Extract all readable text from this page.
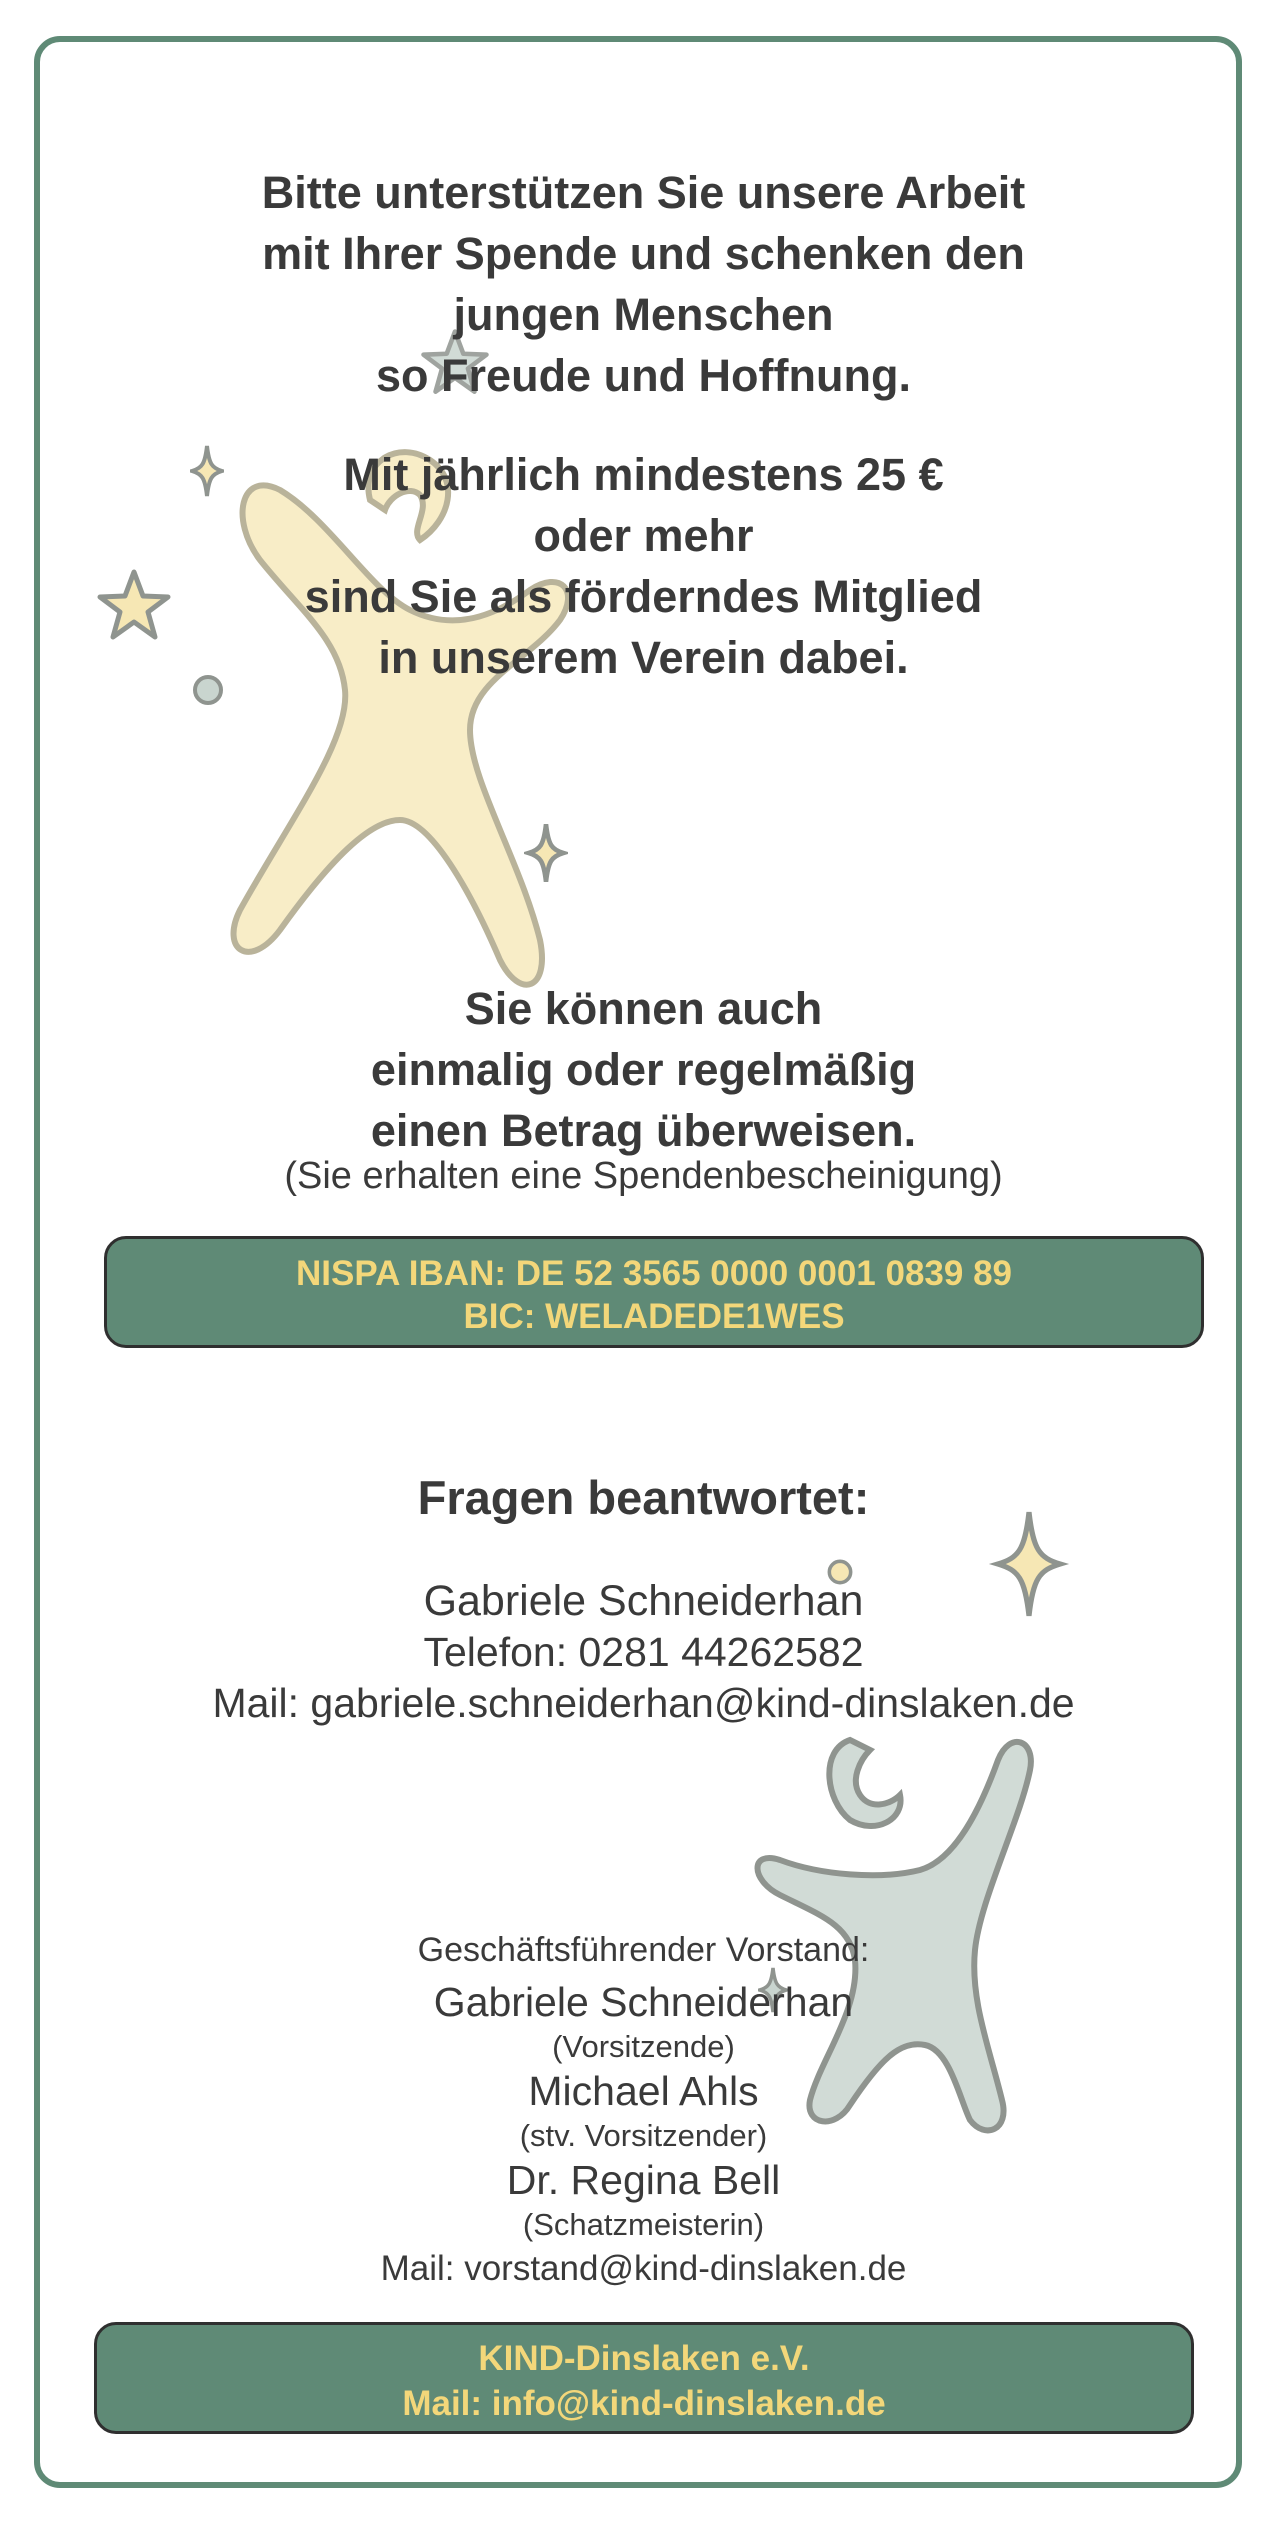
Bitte unterstützen Sie unsere Arbeit
mit Ihrer Spende und schenken den
jungen Menschen
so Freude und Hoffnung.
Mit jährlich mindestens 25 €
oder mehr
sind Sie als förderndes Mitglied
in unserem Verein dabei.
Sie können auch
einmalig oder regelmäßig
einen Betrag überweisen.
(Sie erhalten eine Spendenbescheinigung)
NISPA IBAN: DE 52 3565 0000 0001 0839 89
BIC: WELADEDE1WES
Fragen beantwortet:
Gabriele Schneiderhan
Telefon: 0281 44262582
Mail: gabriele.schneiderhan@kind-dinslaken.de
Geschäftsführender Vorstand:
Gabriele Schneiderhan
(Vorsitzende)
Michael Ahls
(stv. Vorsitzender)
Dr. Regina Bell
(Schatzmeisterin)
Mail: vorstand@kind-dinslaken.de
KIND-Dinslaken e.V.
Mail: info@kind-dinslaken.de
